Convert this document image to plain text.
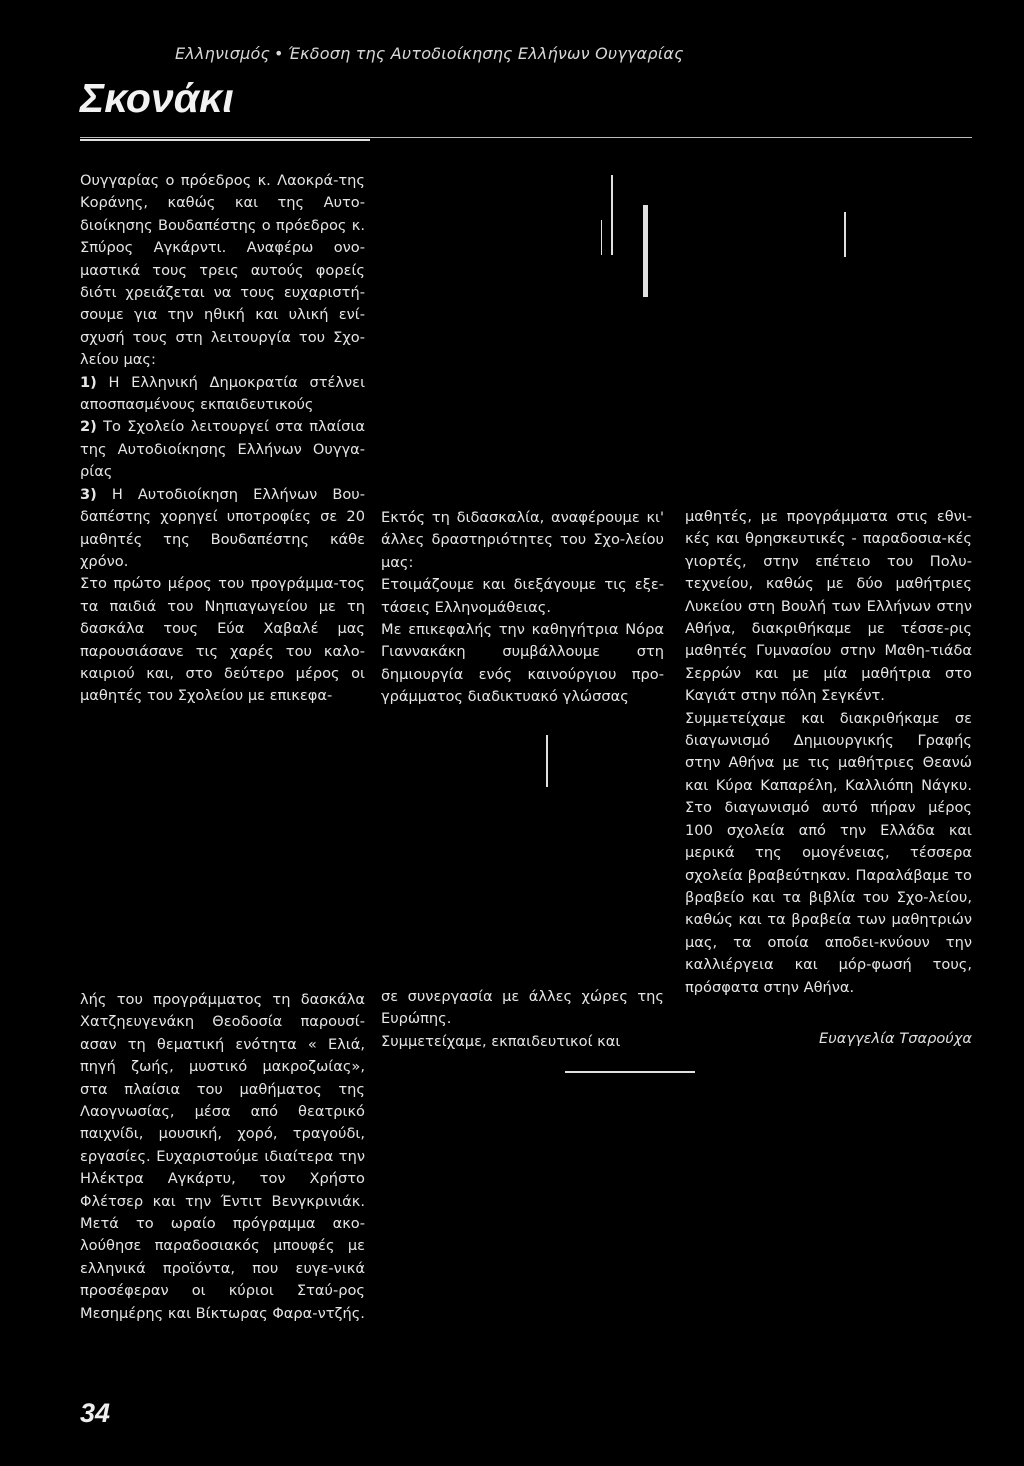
Ελληνισμός • Έκδοση της Αυτοδιοίκησης Ελλήνων Ουγγαρίας
Σκονάκι

Ουγγαρίας ο πρόεδρος κ. Λαοκρά-της Κοράνης, καθώς και της Αυτο-διοίκησης Βουδαπέστης ο πρόεδρος κ. Σπύρος Αγκάρντι. Αναφέρω ονο-μαστικά τους τρεις αυτούς φορείς διότι χρειάζεται να τους ευχαριστή-σουμε για την ηθική και υλική ενί-σχυσή τους στη λειτουργία του Σχο-λείου μας:

1) Η Ελληνική Δημοκρατία στέλνει αποσπασμένους εκπαιδευτικούς

2) Το Σχολείο λειτουργεί στα πλαίσια της Αυτοδιοίκησης Ελλήνων Ουγγα-ρίας

3) Η Αυτοδιοίκηση Ελλήνων Βου-δαπέστης χορηγεί υποτροφίες σε 20 μαθητές της Βουδαπέστης κάθε χρόνο.

Στο πρώτο μέρος του προγράμμα-τος τα παιδιά του Νηπιαγωγείου με τη δασκάλα τους Εύα Χαβαλέ μας παρουσιάσανε τις χαρές του καλο-καιριού και, στο δεύτερο μέρος οι μαθητές του Σχολείου με επικεφα-

λής του προγράμματος τη δασκάλα Χατζηευγενάκη Θεοδοσία παρουσί-ασαν τη θεματική ενότητα « Ελιά, πηγή ζωής, μυστικό μακροζωίας», στα πλαίσια του μαθήματος της Λαογνωσίας, μέσα από θεατρικό παιχνίδι, μουσική, χορό, τραγούδι, εργασίες. Ευχαριστούμε ιδιαίτερα την Ηλέκτρα Αγκάρτυ, τον Χρήστο Φλέτσερ και την Έντιτ Βενγκρινιάκ. Μετά το ωραίο πρόγραμμα ακο-λούθησε παραδοσιακός μπουφές με ελληνικά προϊόντα, που ευγε-νικά προσέφεραν οι κύριοι Σταύ-ρος Μεσημέρης και Βίκτωρας Φαρα-ντζής.

Εκτός τη διδασκαλία, αναφέρουμε κι' άλλες δραστηριότητες του Σχο-λείου μας:

Ετοιμάζουμε και διεξάγουμε τις εξε-τάσεις Ελληνομάθειας.

Με επικεφαλής την καθηγήτρια Νόρα Γιαννακάκη συμβάλλουμε στη δημιουργία ενός καινούργιου προ-γράμματος διαδικτυακό γλώσσας

σε συνεργασία με άλλες χώρες της Ευρώπης.

Συμμετείχαμε, εκπαιδευτικοί και

μαθητές, με προγράμματα στις εθνι-κές και θρησκευτικές - παραδοσια-κές γιορτές, στην επέτειο του Πολυ-τεχνείου, καθώς με δύο μαθήτριες Λυκείου στη Βουλή των Ελλήνων στην Αθήνα, διακριθήκαμε με τέσσε-ρις μαθητές Γυμνασίου στην Μαθη-τιάδα Σερρών και με μία μαθήτρια στο Καγιάτ στην πόλη Σεγκέντ.

Συμμετείχαμε και διακριθήκαμε σε διαγωνισμό Δημιουργικής Γραφής στην Αθήνα με τις μαθήτριες Θεανώ και Κύρα Καπαρέλη, Καλλιόπη Νάγκυ. Στο διαγωνισμό αυτό πήραν μέρος 100 σχολεία από την Ελλάδα και μερικά της ομογένειας, τέσσερα σχολεία βραβεύτηκαν. Παραλάβαμε το βραβείο και τα βιβλία του Σχο-λείου, καθώς και τα βραβεία των μαθητριών μας, τα οποία αποδει-κνύουν την καλλιέργεια και μόρ-φωσή τους, πρόσφατα στην Αθήνα.

Ευαγγελία Τσαρούχα
34
